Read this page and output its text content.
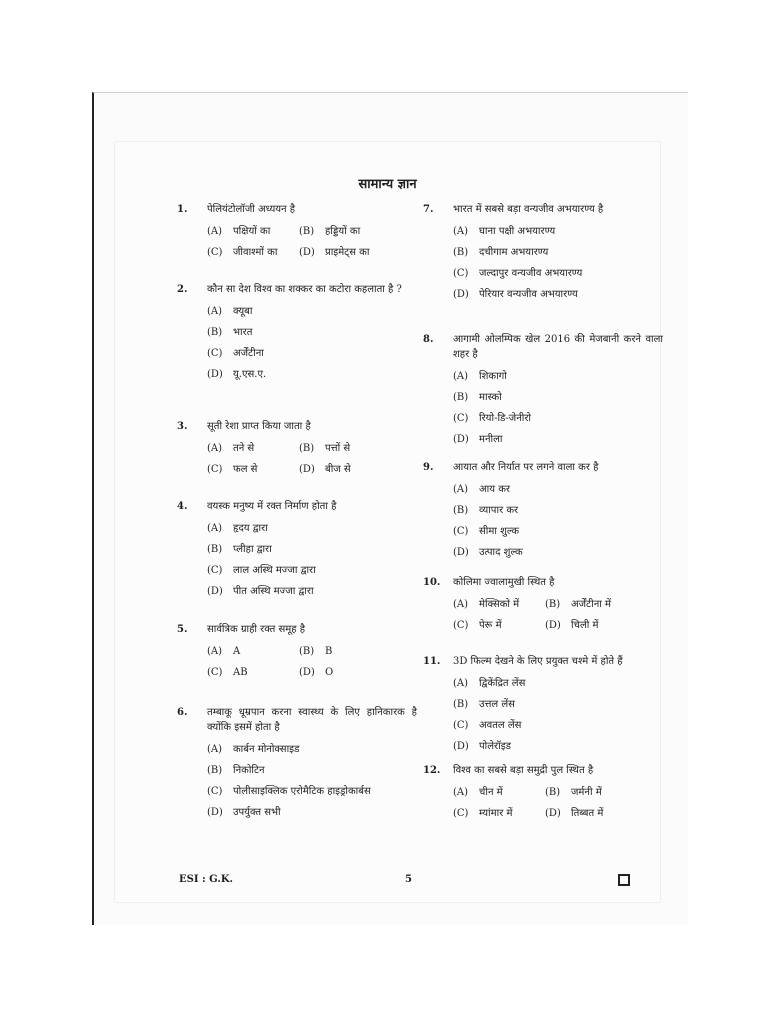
सामान्य ज्ञान
1.	पेलियंटोलॉजी अध्ययन है
(A)	पक्षियों का	(B)	हड्डियों का
(C)	जीवाश्मों का (D)	प्राइमेट्स का
2.	कौन सा देश विश्व का शक्कर का कटोरा कहलाता है ?
(A)	क्यूबा
(B)	भारत
(C)	अर्जेंटीना
(D)	यू.एस.ए.
3.	सूती रेशा प्राप्त किया जाता है
(A)	तने से	(B)	पत्तों से
(C)	फल से	(D)	बीज से
4.	वयस्क मनुष्य में रक्त निर्माण होता है
(A)	हृदय द्वारा
(B)	प्लीहा द्वारा
(C)	लाल अस्थि मज्जा द्वारा
(D)	पीत अस्थि मज्जा द्वारा
5.	सार्वत्रिक ग्राही रक्त समूह है
(A)	A	(B)	B
(C)	AB	(D)	O
6.	तम्बाकू धूम्रपान करना स्वास्थ्य के लिए हानिकारक है क्योंकि इसमें होता है
(A)	कार्बन मोनोक्साइड
(B)	निकोटिन
(C)	पोलीसाइक्लिक एरोमैटिक हाइड्रोकार्बस
(D)	उपर्युक्त सभी
7.	भारत में सबसे बड़ा वन्यजीव अभयारण्य है
(A)	घाना पक्षी अभयारण्य
(B)	दचीगाम अभयारण्य
(C)	जल्दापुर वन्यजीव अभयारण्य
(D)	पेरियार वन्यजीव अभयारण्य
8.	आगामी ओलम्पिक खेल 2016 की मेजबानी करने वाला शहर है
(A)	शिकागो
(B)	मास्को
(C)	रियो-डि-जेनीरो
(D)	मनीला
9.	आयात और निर्यात पर लगने वाला कर है
(A)	आय कर
(B)	व्यापार कर
(C)	सीमा शुल्क
(D)	उत्पाद शुल्क
10.	कोलिमा ज्वालामुखी स्थित है
(A)	मेक्सिको में	(B)	अर्जेंटीना में
(C)	पेरू में	(D)	चिली में
11.	3D फिल्म देखने के लिए प्रयुक्त चश्मे में होते हैं
(A)	द्विकेंद्रित लेंस
(B)	उत्तल लेंस
(C)	अवतल लेंस
(D)	पोलेरॉइड
12.	विश्व का सबसे बड़ा समुद्री पुल स्थित है
(A)	चीन में	(B)	जर्मनी में
(C)	म्यांमार में	(D)	तिब्बत में
ESI : G.K.	5
